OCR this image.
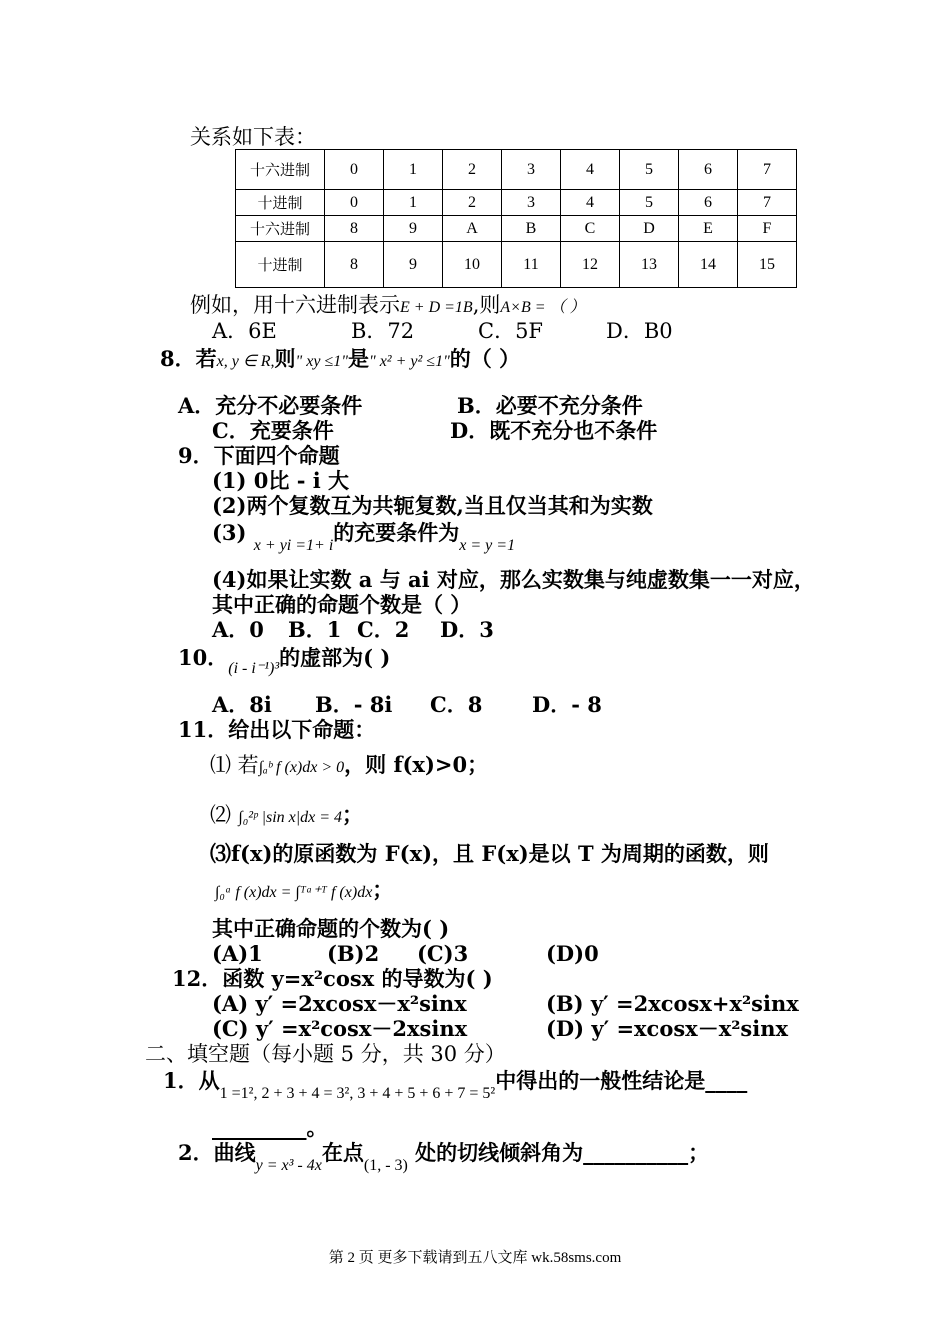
关系如下表：
十六进制	0	1	2	3	4	5	6	7
十进制	0	1	2	3	4	5	6	7
十六进制	8	9	A	B	C	D	E	F
十进制	8	9	10	11	12	13	14	15
例如，用十六进制表示E + D =1B,则A×B = （ ）
A．6E	B．72	C．5F	D．B0
8．若x, y ∈ R,则" xy ≤1"是" x² + y² ≤1"的（ ）
A．充分不必要条件	B．必要不充分条件
C．充要条件	D．既不充分也不条件
9．下面四个命题
(1) 0比 - i 大
(2)两个复数互为共轭复数,当且仅当其和为实数
(3) $_{x + yi =1+ i}$的充要条件为$_{x = y =1}$
(4)如果让实数 a 与 ai 对应，那么实数集与纯虚数集一一对应，
其中正确的命题个数是（ ）
A．0 B．1 C．2 D．3
10．$_{(i - i^{-1})^3}$的虚部为( )
A．8i B．- 8i C．8 D．- 8
11．给出以下命题：
⑴ 若∫ₐᵇ f (x)dx > 0，则 f(x)>0；
⑵ ∫₀²ᵖ |sin x|dx = 4；
⑶f(x)的原函数为 F(x)，且 F(x)是以 T 为周期的函数，则
∫₀ᵃ f (x)dx = ∫ᵀᵃ⁺ᵀ f (x)dx；
其中正确命题的个数为( )
(A)1	(B)2 (C)3	(D)0
12．函数 y=x²cosx 的导数为( )
(A) y′ =2xcosx－x²sinx	(B) y′ =2xcosx+x²sinx
(C) y′ =x²cosx－2xsinx	(D) y′ =xcosx－x²sinx
二、填空题（每小题 5 分，共 30 分）
1．从$_{1 =1^2, 2 + 3 + 4 = 3^2, 3 + 4 + 5 + 6 + 7 = 5^2}$中得出的一般性结论是____
_________。
2．曲线$_{y = x^3 - 4x}$在点$_{(1, - 3)}$ 处的切线倾斜角为__________；
第 2 页 更多下载请到五八文库 wk.58sms.com
